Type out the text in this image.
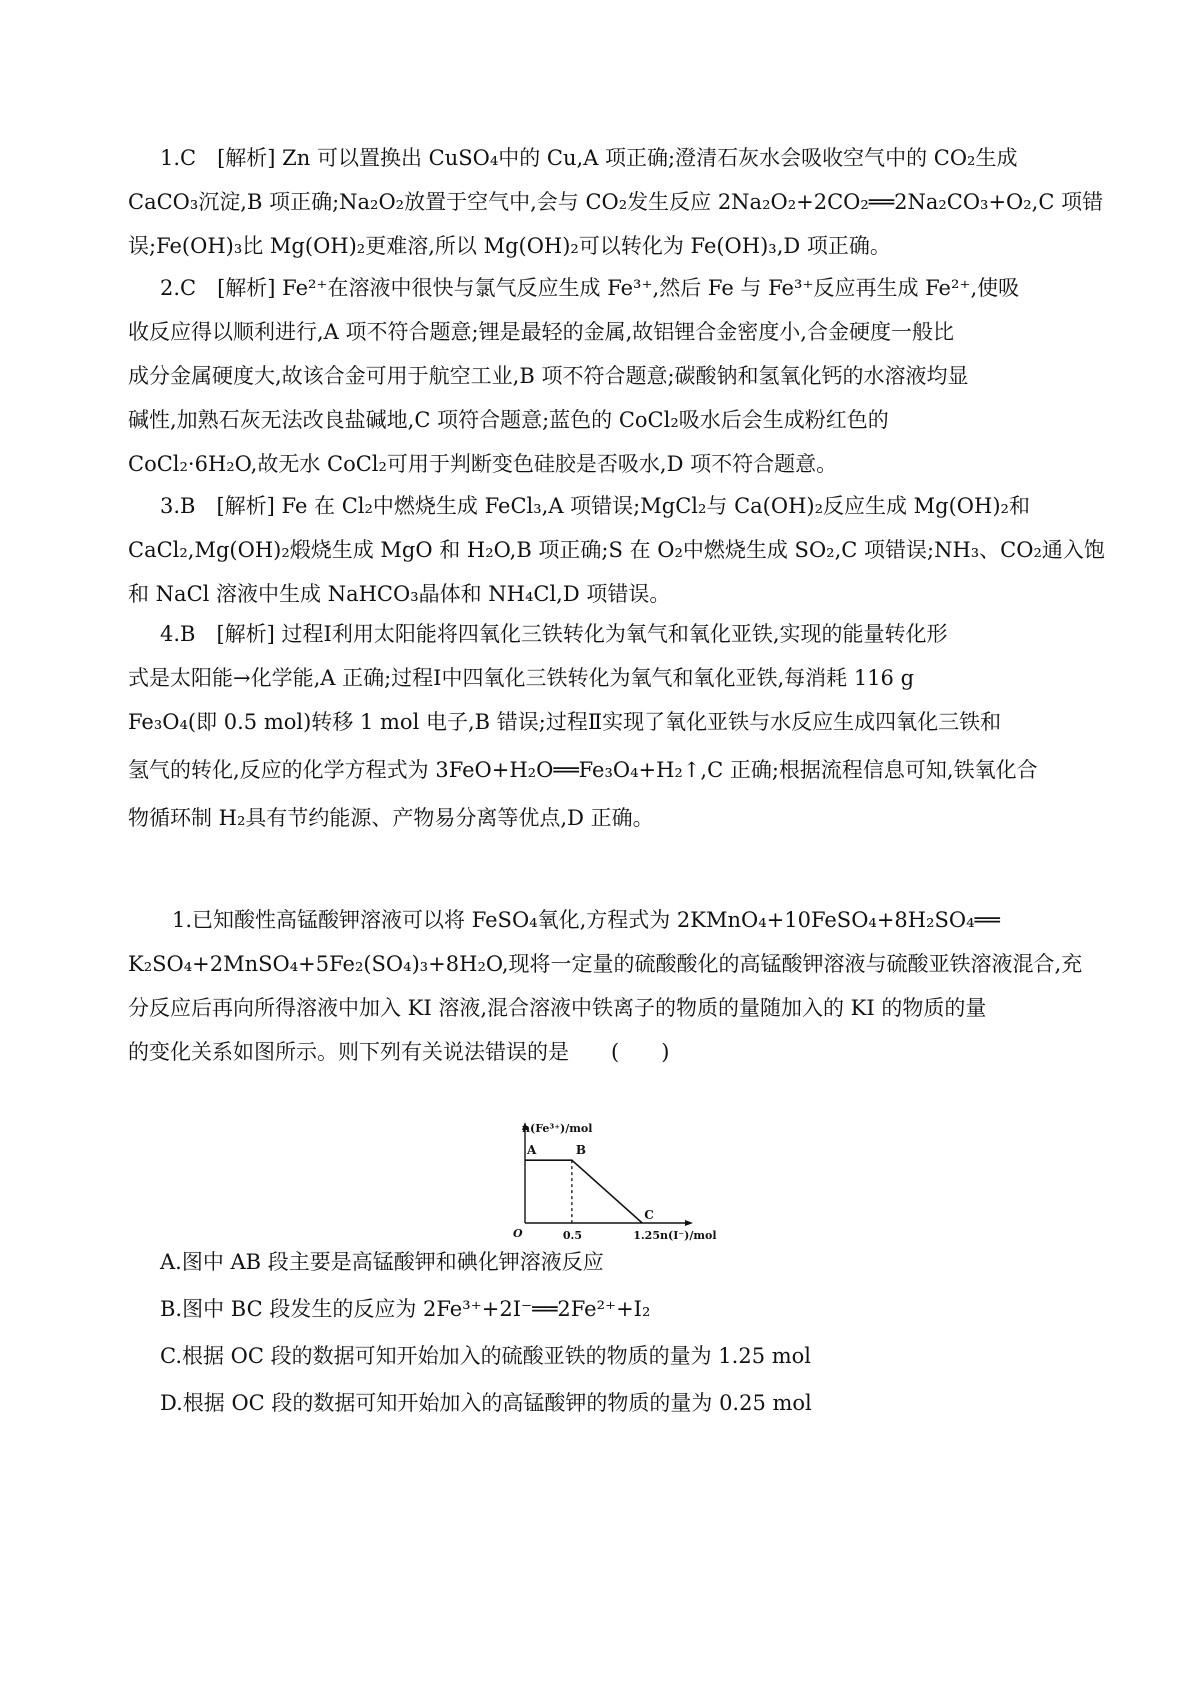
1.C　[解析] Zn 可以置换出 CuSO₄中的 Cu,A 项正确;澄清石灰水会吸收空气中的 CO₂生成
CaCO₃沉淀,B 项正确;Na₂O₂放置于空气中,会与 CO₂发生反应 2Na₂O₂+2CO₂══2Na₂CO₃+O₂,C 项错
误;Fe(OH)₃比 Mg(OH)₂更难溶,所以 Mg(OH)₂可以转化为 Fe(OH)₃,D 项正确。
2.C　[解析] Fe²⁺在溶液中很快与氯气反应生成 Fe³⁺,然后 Fe 与 Fe³⁺反应再生成 Fe²⁺,使吸
收反应得以顺利进行,A 项不符合题意;锂是最轻的金属,故铝锂合金密度小,合金硬度一般比
成分金属硬度大,故该合金可用于航空工业,B 项不符合题意;碳酸钠和氢氧化钙的水溶液均显
碱性,加熟石灰无法改良盐碱地,C 项符合题意;蓝色的 CoCl₂吸水后会生成粉红色的
CoCl₂·6H₂O,故无水 CoCl₂可用于判断变色硅胶是否吸水,D 项不符合题意。
3.B　[解析] Fe 在 Cl₂中燃烧生成 FeCl₃,A 项错误;MgCl₂与 Ca(OH)₂反应生成 Mg(OH)₂和
CaCl₂,Mg(OH)₂煅烧生成 MgO 和 H₂O,B 项正确;S 在 O₂中燃烧生成 SO₂,C 项错误;NH₃、CO₂通入饱
和 NaCl 溶液中生成 NaHCO₃晶体和 NH₄Cl,D 项错误。
4.B　[解析] 过程Ⅰ利用太阳能将四氧化三铁转化为氧气和氧化亚铁,实现的能量转化形
式是太阳能→化学能,A 正确;过程Ⅰ中四氧化三铁转化为氧气和氧化亚铁,每消耗 116 g
Fe₃O₄(即 0.5 mol)转移 1 mol 电子,B 错误;过程Ⅱ实现了氧化亚铁与水反应生成四氧化三铁和
氢气的转化,反应的化学方程式为 3FeO+H₂O══Fe₃O₄+H₂↑,C 正确;根据流程信息可知,铁氧化合
物循环制 H₂具有节约能源、产物易分离等优点,D 正确。
1.已知酸性高锰酸钾溶液可以将 FeSO₄氧化,方程式为 2KMnO₄+10FeSO₄+8H₂SO₄══
K₂SO₄+2MnSO₄+5Fe₂(SO₄)₃+8H₂O,现将一定量的硫酸酸化的高锰酸钾溶液与硫酸亚铁溶液混合,充
分反应后再向所得溶液中加入 KI 溶液,混合溶液中铁离子的物质的量随加入的 KI 的物质的量
的变化关系如图所示。则下列有关说法错误的是　　(　　)
n(Fe³⁺)/mol
n(I⁻)/mol
O	0.5	1.25
A	B
C
A.图中 AB 段主要是高锰酸钾和碘化钾溶液反应
B.图中 BC 段发生的反应为 2Fe³⁺+2I⁻══2Fe²⁺+I₂
C.根据 OC 段的数据可知开始加入的硫酸亚铁的物质的量为 1.25 mol
D.根据 OC 段的数据可知开始加入的高锰酸钾的物质的量为 0.25 mol
